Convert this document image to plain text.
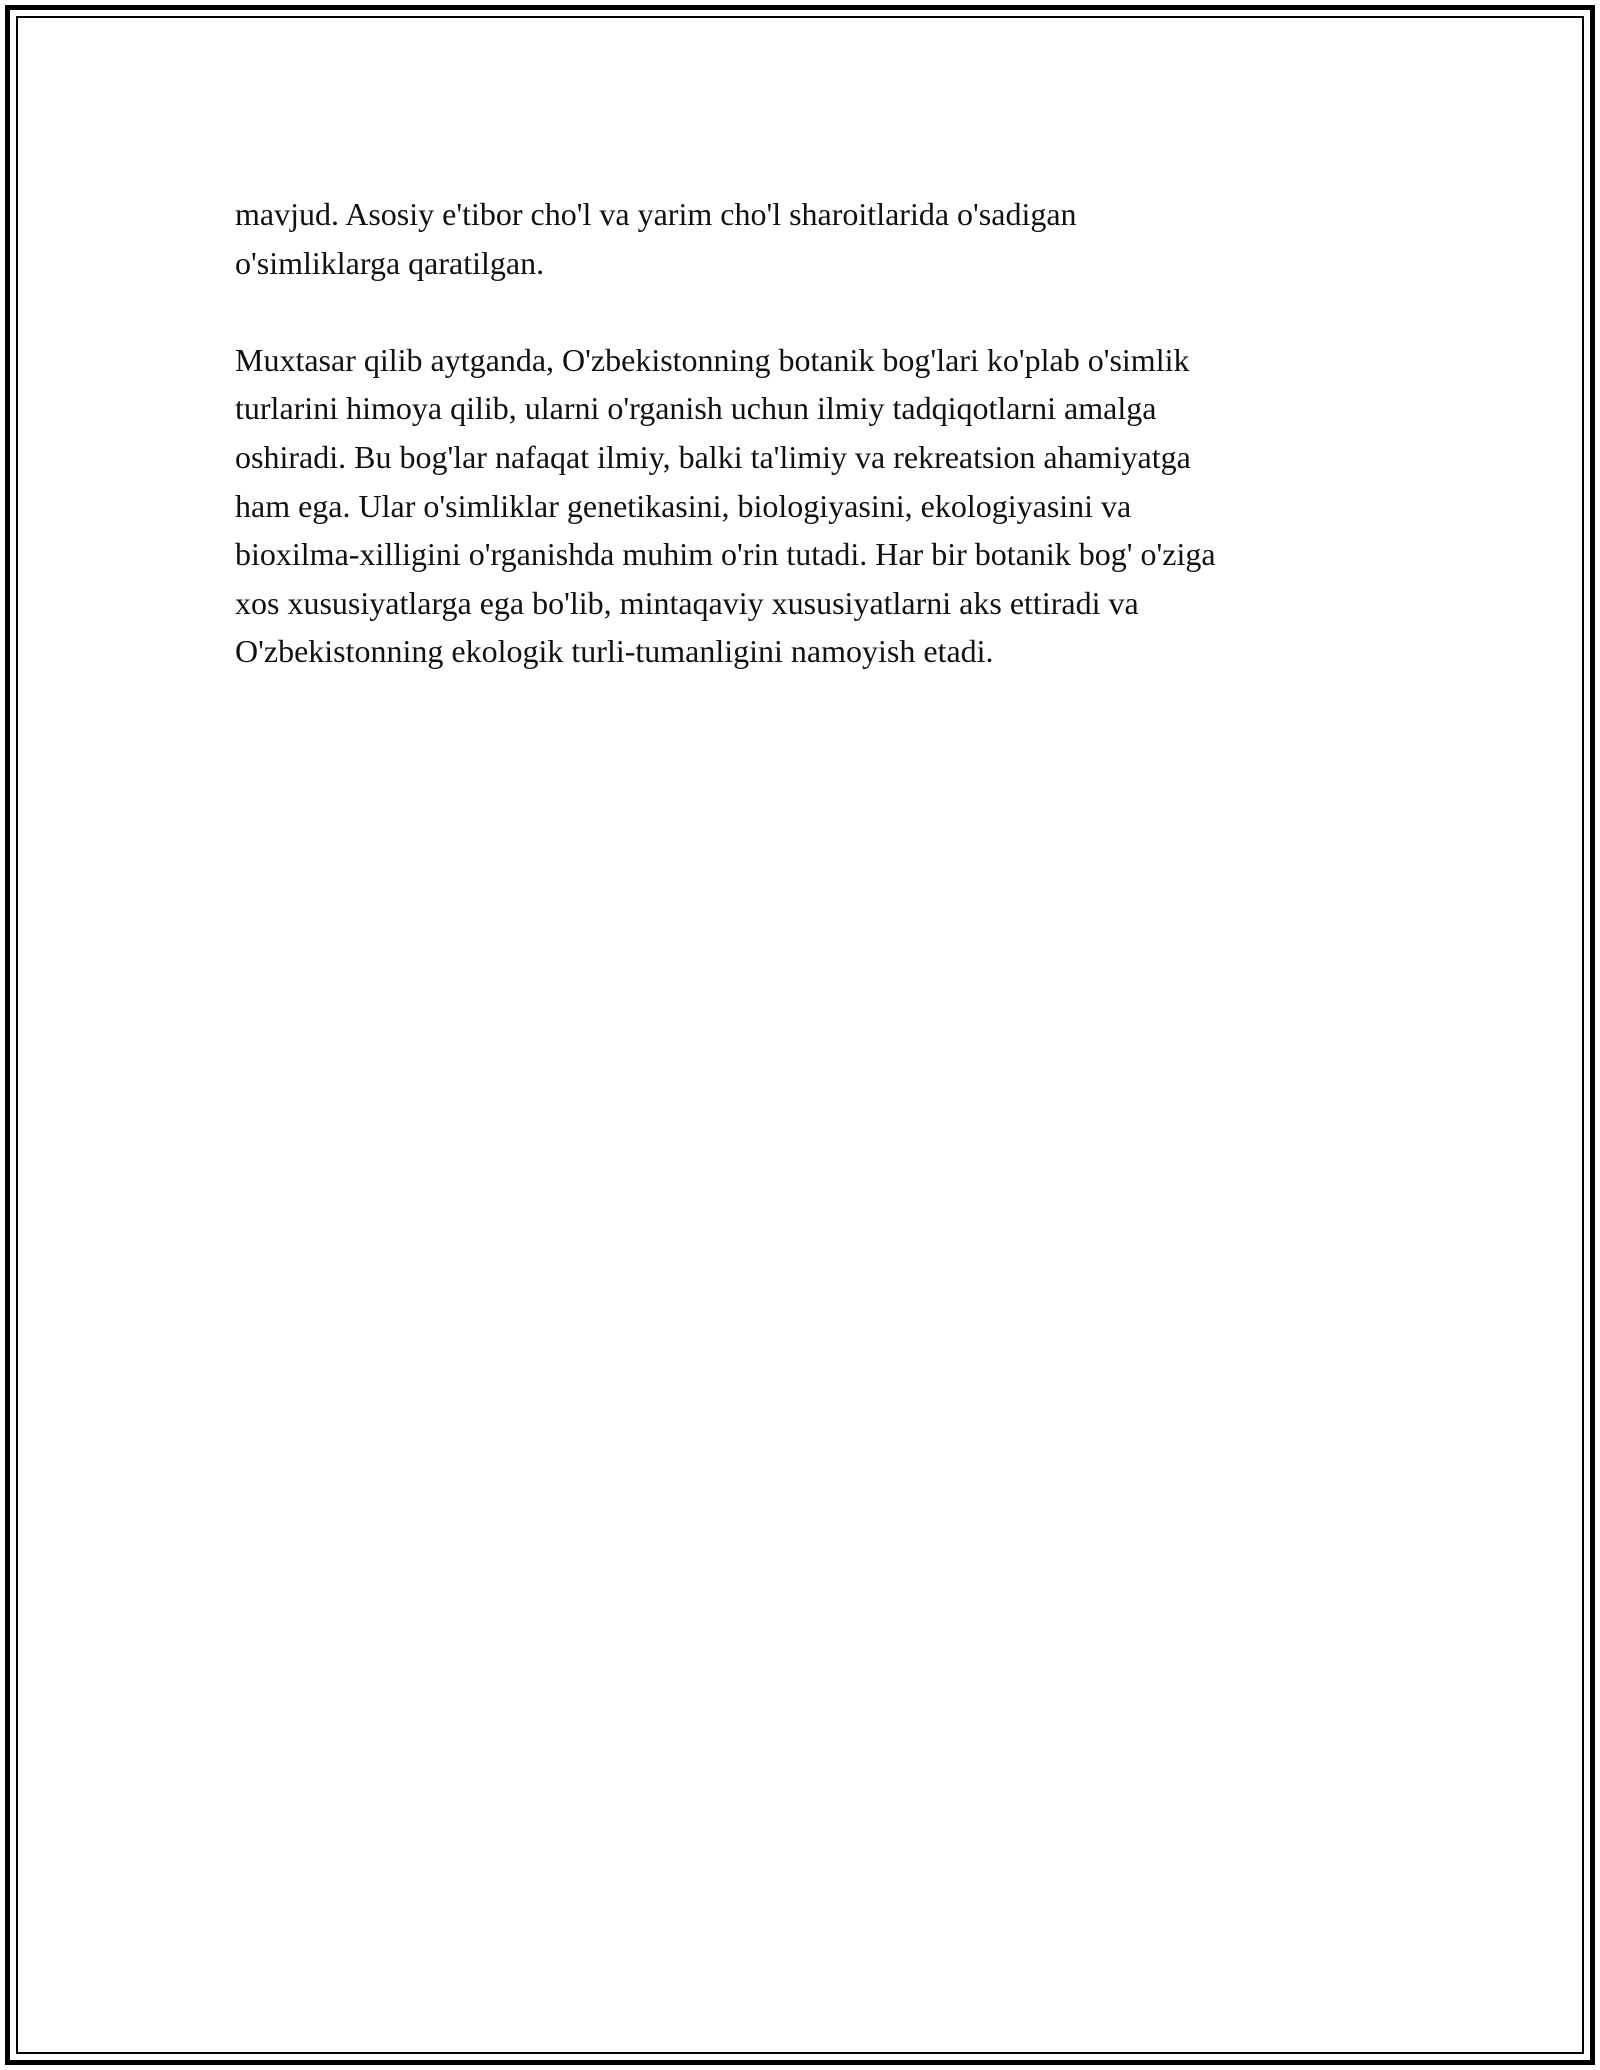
mavjud. Asosiy e'tibor cho'l va yarim cho'l sharoitlarida o'sadigan
o'simliklarga qaratilgan.

Muxtasar qilib aytganda, O'zbekistonning botanik bog'lari ko'plab o'simlik
turlarini himoya qilib, ularni o'rganish uchun ilmiy tadqiqotlarni amalga
oshiradi. Bu bog'lar nafaqat ilmiy, balki ta'limiy va rekreatsion ahamiyatga
ham ega. Ular o'simliklar genetikasini, biologiyasini, ekologiyasini va
bioxilma-xilligini o'rganishda muhim o'rin tutadi. Har bir botanik bog' o'ziga
xos xususiyatlarga ega bo'lib, mintaqaviy xususiyatlarni aks ettiradi va
O'zbekistonning ekologik turli-tumanligini namoyish etadi.
